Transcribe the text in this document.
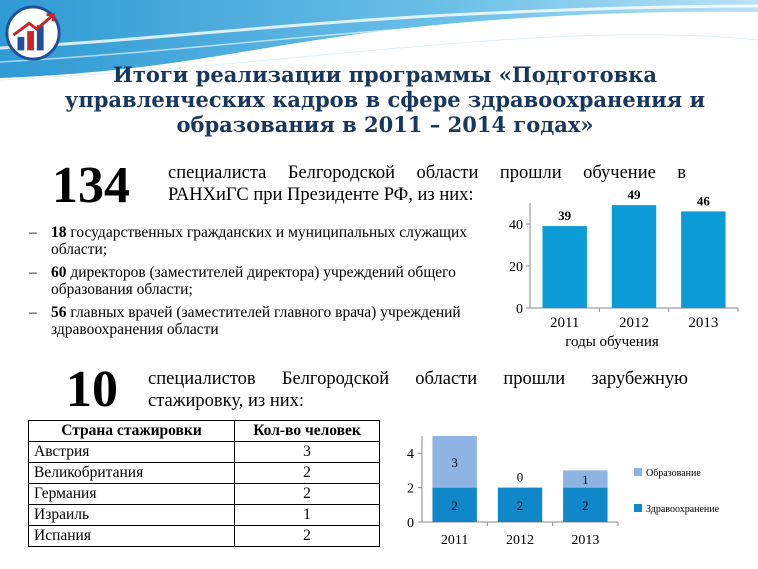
Итоги реализации программы «Подготовка управленческих кадров в сфере здравоохранения и образования в 2011 – 2014 годах»
134 специалиста Белгородской области прошли обучение в РАНХиГС при Президенте РФ, из них:
– 18 государственных гражданских и муниципальных служащих области;
– 60 директоров (заместителей директора) учреждений общего образования области;
– 56 главных врачей (заместителей главного врача) учреждений здравоохранения области
0
20
40
39
2011
49
2012
46
2013
годы обучения
10 специалистов Белгородской области прошли зарубежную стажировку, из них:
Страна стажировки	Кол-во человек
Австрия	3
Великобритания	2
Германия	2
Израиль	1
Испания	2
0
2
4
2
3
2011
2
0
2012
2
1
2013
Образование
Здравоохранение
